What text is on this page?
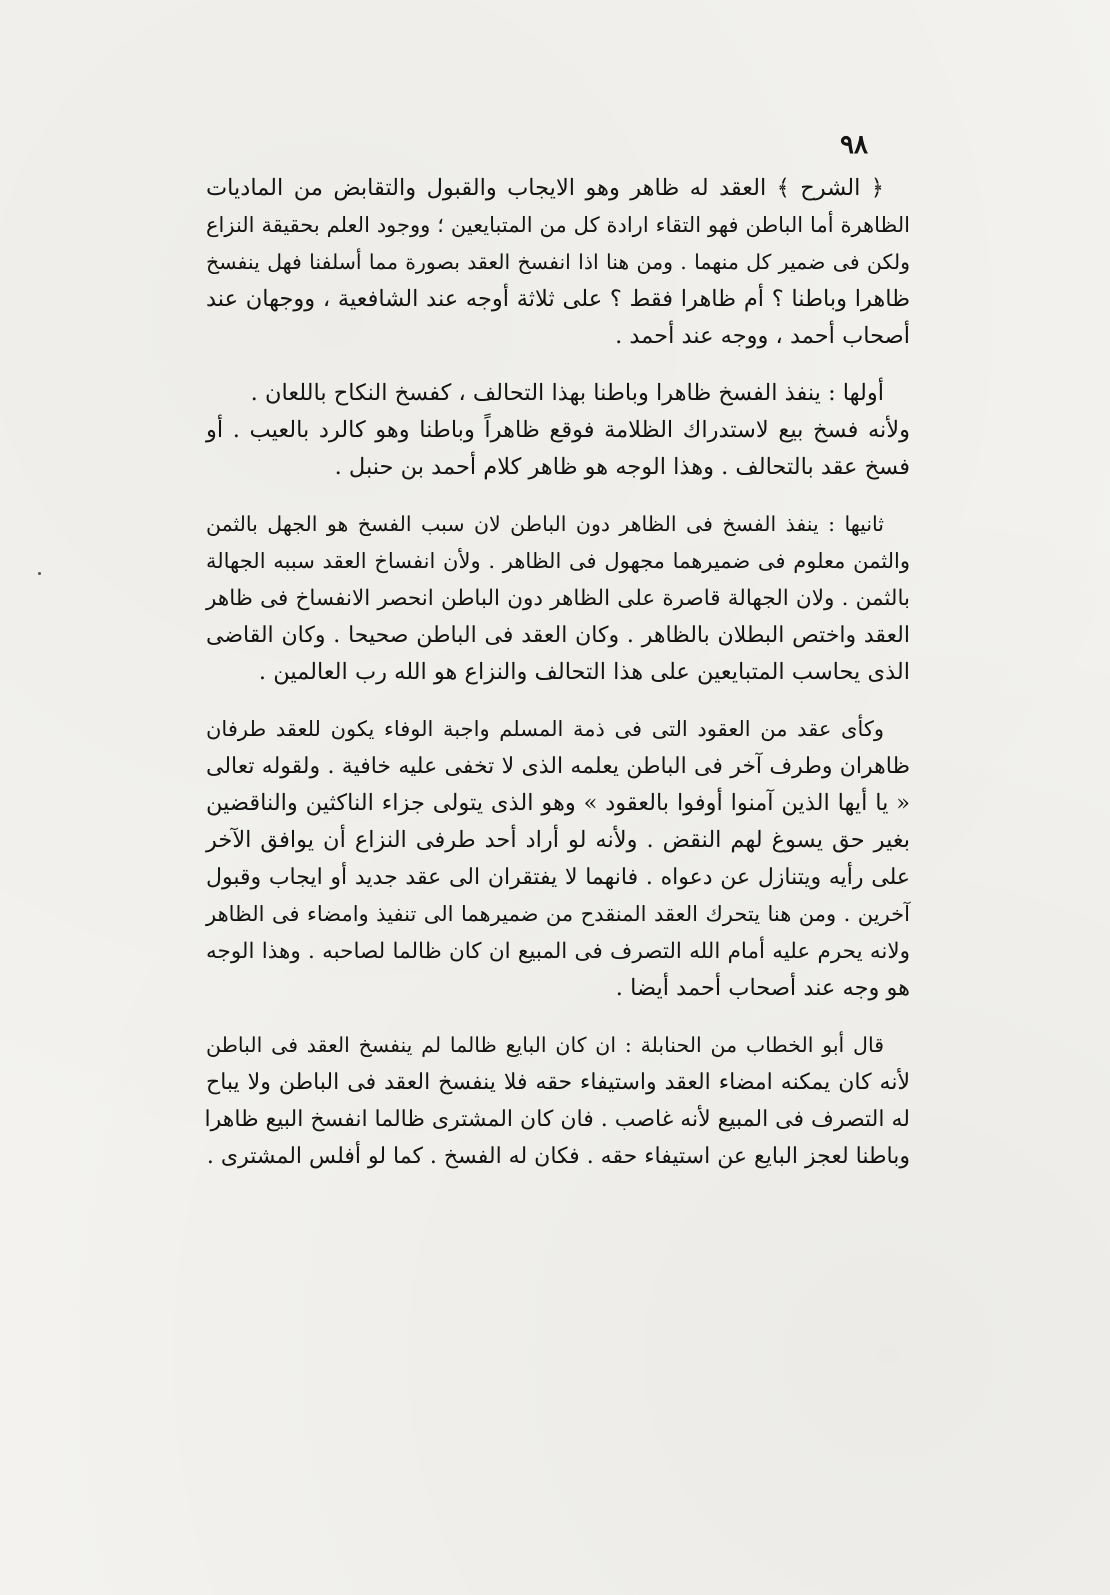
٩٨

﴿ الشرح ﴾ العقد له ظاهر وهو الايجاب والقبول والتقابض من الماديات
الظاهرة أما الباطن فهو التقاء ارادة كل من المتبايعين ؛ ووجود العلم بحقيقة النزاع
ولكن فى ضمير كل منهما . ومن هنا اذا انفسخ العقد بصورة مما أسلفنا فهل ينفسخ
ظاهرا وباطنا ؟ أم ظاهرا فقط ؟ على ثلاثة أوجه عند الشافعية ، ووجهان عند
أصحاب أحمد ، ووجه عند أحمد .

أولها : ينفذ الفسخ ظاهرا وباطنا بهذا التحالف ، كفسخ النكاح باللعان .
ولأنه فسخ بيع لاستدراك الظلامة فوقع ظاهراً وباطنا وهو كالرد بالعيب . أو
فسخ عقد بالتحالف . وهذا الوجه هو ظاهر كلام أحمد بن حنبل .

ثانيها : ينفذ الفسخ فى الظاهر دون الباطن لان سبب الفسخ هو الجهل بالثمن
والثمن معلوم فى ضميرهما مجهول فى الظاهر . ولأن انفساخ العقد سببه الجهالة
بالثمن . ولان الجهالة قاصرة على الظاهر دون الباطن انحصر الانفساخ فى ظاهر
العقد واختص البطلان بالظاهر . وكان العقد فى الباطن صحيحا . وكان القاضى
الذى يحاسب المتبايعين على هذا التحالف والنزاع هو الله رب العالمين .

وكأى عقد من العقود التى فى ذمة المسلم واجبة الوفاء يكون للعقد طرفان
ظاهران وطرف آخر فى الباطن يعلمه الذى لا تخفى عليه خافية . ولقوله تعالى
« يا أيها الذين آمنوا أوفوا بالعقود » وهو الذى يتولى جزاء الناكثين والناقضين
بغير حق يسوغ لهم النقض . ولأنه لو أراد أحد طرفى النزاع أن يوافق الآخر
على رأيه ويتنازل عن دعواه . فانهما لا يفتقران الى عقد جديد أو ايجاب وقبول
آخرين . ومن هنا يتحرك العقد المنقدح من ضميرهما الى تنفيذ وامضاء فى الظاهر
ولانه يحرم عليه أمام الله التصرف فى المبيع ان كان ظالما لصاحبه . وهذا الوجه
هو وجه عند أصحاب أحمد أيضا .

قال أبو الخطاب من الحنابلة : ان كان البايع ظالما لم ينفسخ العقد فى الباطن
لأنه كان يمكنه امضاء العقد واستيفاء حقه فلا ينفسخ العقد فى الباطن ولا يباح
له التصرف فى المبيع لأنه غاصب . فان كان المشترى ظالما انفسخ البيع ظاهرا
وباطنا لعجز البايع عن استيفاء حقه . فكان له الفسخ . كما لو أفلس المشترى .
